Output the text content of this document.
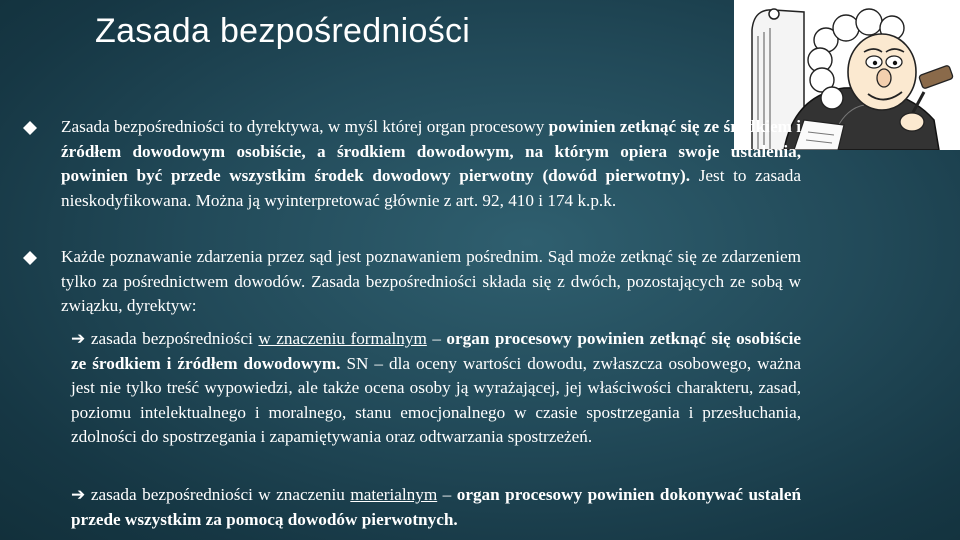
Zasada bezpośredniości
Zasada bezpośredniości to dyrektywa, w myśl której organ procesowy powinien zetknąć się ze środkiem i źródłem dowodowym osobiście, a środkiem dowodowym, na którym opiera swoje ustalenia, powinien być przede wszystkim środek dowodowy pierwotny (dowód pierwotny). Jest to zasada nieskodyfikowana. Można ją wyinterpretować głównie z art. 92, 410 i 174 k.p.k.
Każde poznawanie zdarzenia przez sąd jest poznawaniem pośrednim. Sąd może zetknąć się ze zdarzeniem tylko za pośrednictwem dowodów. Zasada bezpośredniości składa się z dwóch, pozostających ze sobą w związku, dyrektyw:
➔ zasada bezpośredniości w znaczeniu formalnym – organ procesowy powinien zetknąć się osobiście ze środkiem i źródłem dowodowym. SN – dla oceny wartości dowodu, zwłaszcza osobowego, ważna jest nie tylko treść wypowiedzi, ale także ocena osoby ją wyrażającej, jej właściwości charakteru, zasad, poziomu intelektualnego i moralnego, stanu emocjonalnego w czasie spostrzegania i przesłuchania, zdolności do spostrzegania i zapamiętywania oraz odtwarzania spostrzeżeń.
➔ zasada bezpośredniości w znaczeniu materialnym – organ procesowy powinien dokonywać ustaleń przede wszystkim za pomocą dowodów pierwotnych.
